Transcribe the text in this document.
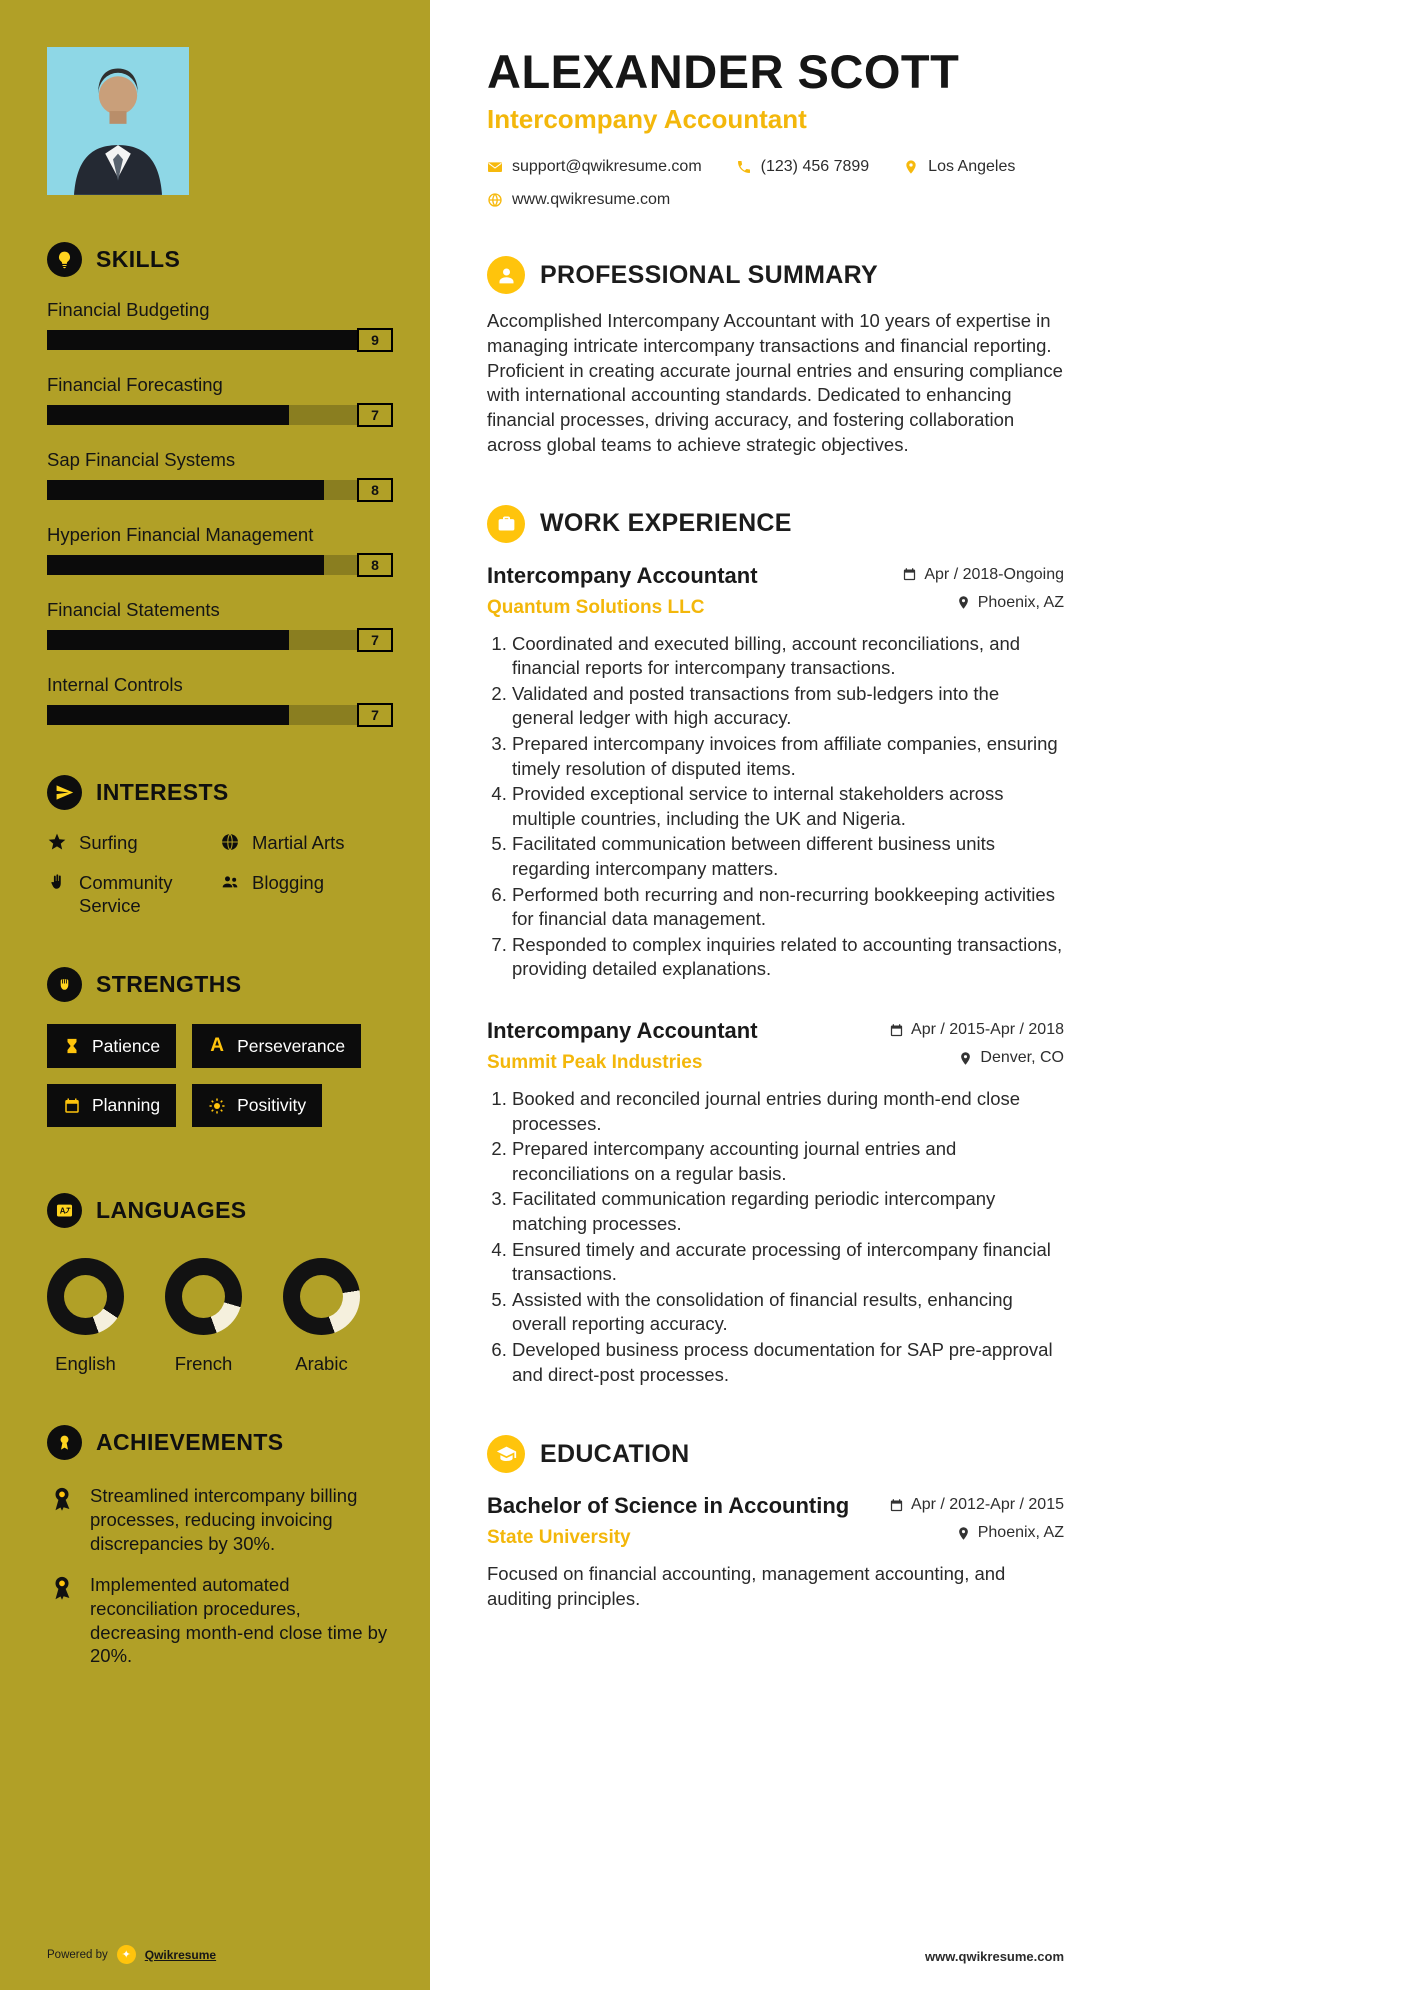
SKILLS
Financial Budgeting
9
Financial Forecasting
7
Sap Financial Systems
8
Hyperion Financial Management
8
Financial Statements
7
Internal Controls
7
INTERESTS
Surfing	Martial Arts
Community Service
Blogging
STRENGTHS
Patience	A Perseverance
Planning	Positivity
A LANGUAGES
English	French	Arabic
ACHIEVEMENTS
Streamlined intercompany billing processes, reducing invoicing discrepancies by 30%.
Implemented automated reconciliation procedures, decreasing month-end close time by 20%.
Powered by	✦	Qwikresume
ALEXANDER SCOTT
Intercompany Accountant
support@qwikresume.com	(123) 456 7899	Los Angeles
www.qwikresume.com
PROFESSIONAL SUMMARY

Accomplished Intercompany Accountant with 10 years of expertise in managing intricate intercompany transactions and financial reporting. Proficient in creating accurate journal entries and ensuring compliance with international accounting standards. Dedicated to enhancing financial processes, driving accuracy, and fostering collaboration across global teams to achieve strategic objectives.

WORK EXPERIENCE
Intercompany Accountant
Quantum Solutions LLC
Apr / 2018-Ongoing
Phoenix, AZ
1. Coordinated and executed billing, account reconciliations, and financial reports for intercompany transactions.
2. Validated and posted transactions from sub-ledgers into the general ledger with high accuracy.
3. Prepared intercompany invoices from affiliate companies, ensuring timely resolution of disputed items.
4. Provided exceptional service to internal stakeholders across multiple countries, including the UK and Nigeria.
5. Facilitated communication between different business units regarding intercompany matters.
6. Performed both recurring and non-recurring bookkeeping activities for financial data management.
7. Responded to complex inquiries related to accounting transactions, providing detailed explanations.
Intercompany Accountant
Summit Peak Industries
Apr / 2015-Apr / 2018
Denver, CO
1. Booked and reconciled journal entries during month-end close processes.
2. Prepared intercompany accounting journal entries and reconciliations on a regular basis.
3. Facilitated communication regarding periodic intercompany matching processes.
4. Ensured timely and accurate processing of intercompany financial transactions.
5. Assisted with the consolidation of financial results, enhancing overall reporting accuracy.
6. Developed business process documentation for SAP pre-approval and direct-post processes.
EDUCATION
Bachelor of Science in Accounting
State University
Apr / 2012-Apr / 2015
Phoenix, AZ

Focused on financial accounting, management accounting, and auditing principles.

www.qwikresume.com
